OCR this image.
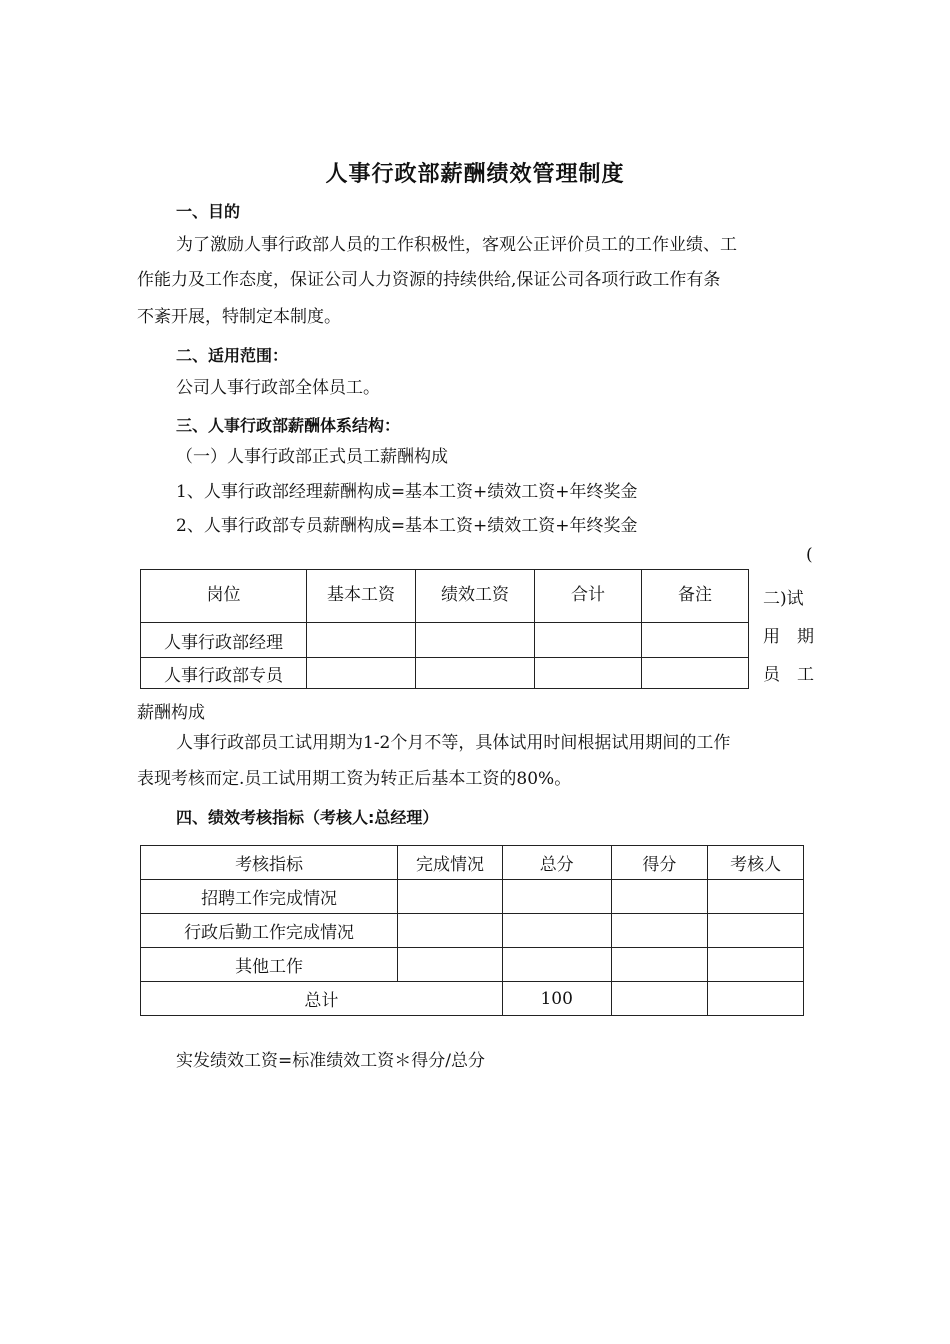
人事行政部薪酬绩效管理制度
一、目的
为了激励人事行政部人员的工作积极性，客观公正评价员工的工作业绩、工
作能力及工作态度，保证公司人力资源的持续供给,保证公司各项行政工作有条
不紊开展，特制定本制度。
二、适用范围：
公司人事行政部全体员工。
三、人事行政部薪酬体系结构：
（一）人事行政部正式员工薪酬构成
1、人事行政部经理薪酬构成=基本工资+绩效工资+年终奖金
2、人事行政部专员薪酬构成=基本工资+绩效工资+年终奖金
(
二)试
用　期
员　工
薪酬构成
岗位	基本工资	绩效工资	合计	备注
人事行政部经理				
人事行政部专员				
人事行政部员工试用期为1-2个月不等，具体试用时间根据试用期间的工作
表现考核而定.员工试用期工资为转正后基本工资的80%。
四、绩效考核指标（考核人:总经理）
考核指标	完成情况	总分	得分	考核人
招聘工作完成情况				
行政后勤工作完成情况				
其他工作				
总计		100		
实发绩效工资=标准绩效工资＊得分/总分
